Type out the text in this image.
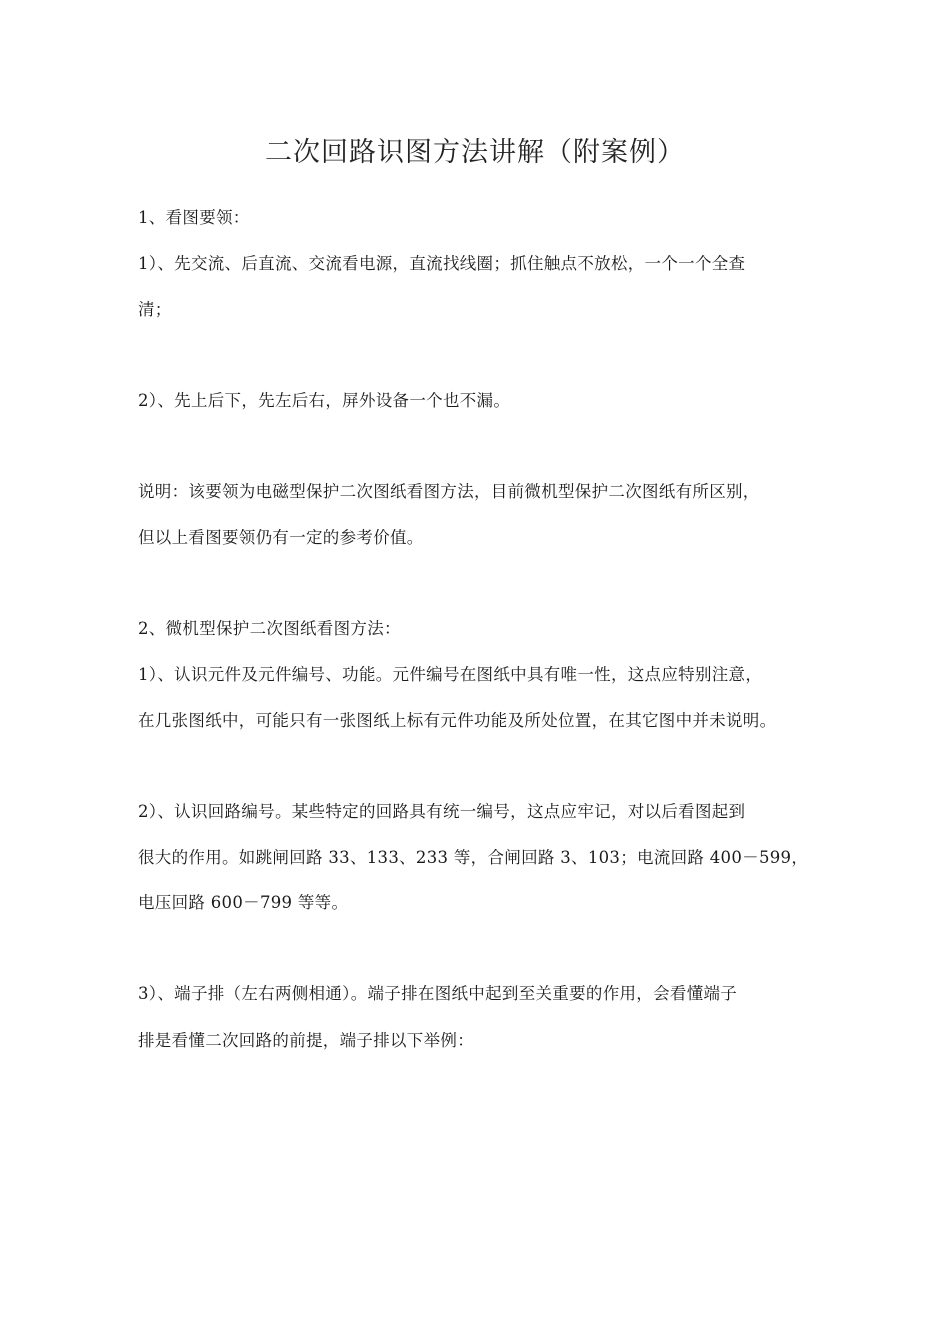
二次回路识图方法讲解（附案例）
1、看图要领：
1）、先交流、后直流、交流看电源，直流找线圈；抓住触点不放松，一个一个全查
清；
2）、先上后下，先左后右，屏外设备一个也不漏。
说明：该要领为电磁型保护二次图纸看图方法，目前微机型保护二次图纸有所区别，
但以上看图要领仍有一定的参考价值。
2、微机型保护二次图纸看图方法：
1）、认识元件及元件编号、功能。元件编号在图纸中具有唯一性，这点应特别注意，
在几张图纸中，可能只有一张图纸上标有元件功能及所处位置，在其它图中并未说明。
2）、认识回路编号。某些特定的回路具有统一编号，这点应牢记，对以后看图起到
很大的作用。如跳闸回路 33、133、233 等，合闸回路 3、103；电流回路 400－599，
电压回路 600－799 等等。
3）、端子排（左右两侧相通）。端子排在图纸中起到至关重要的作用，会看懂端子
排是看懂二次回路的前提，端子排以下举例：
